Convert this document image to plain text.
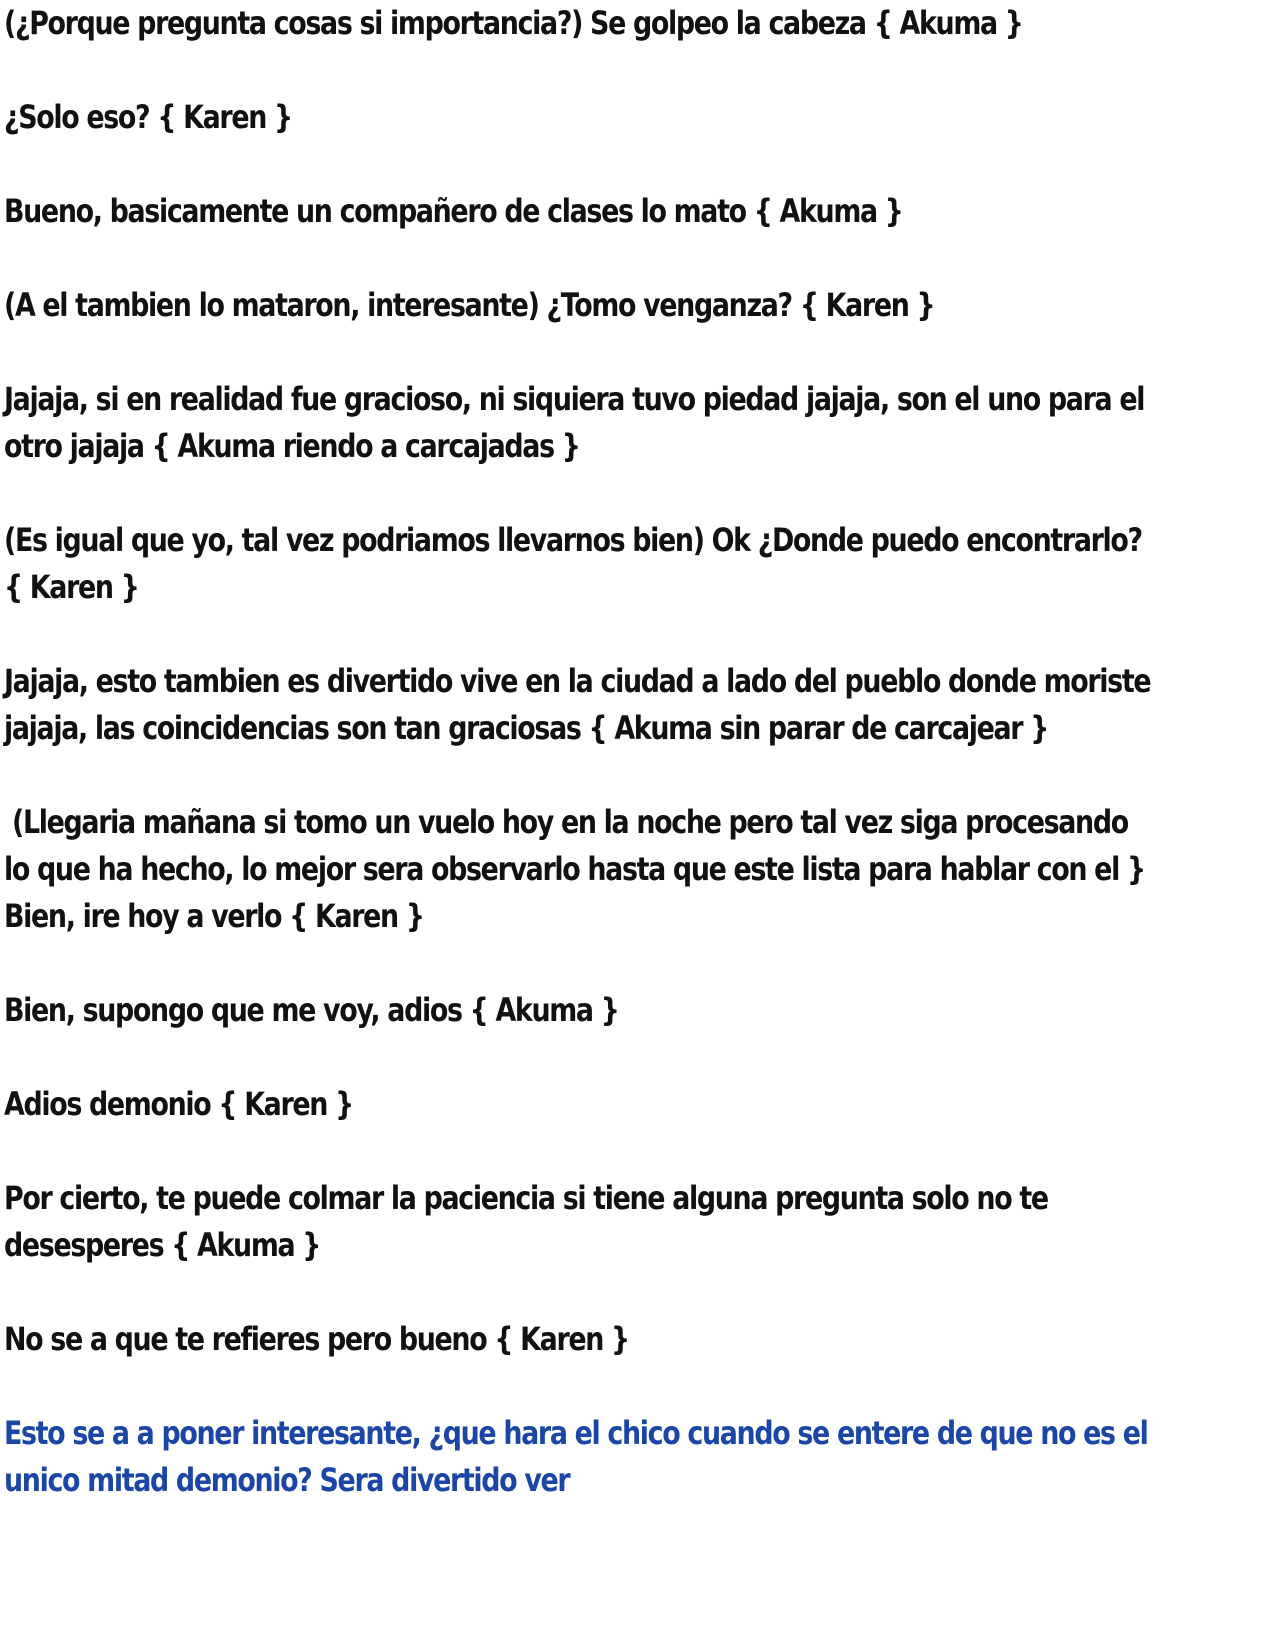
(¿Porque pregunta cosas si importancia?) Se golpeo la cabeza { Akuma }

¿Solo eso? { Karen }

Bueno, basicamente un compañero de clases lo mato { Akuma }

(A el tambien lo mataron, interesante) ¿Tomo venganza? { Karen }

Jajaja, si en realidad fue gracioso, ni siquiera tuvo piedad jajaja, son el uno para el

otro jajaja { Akuma riendo a carcajadas }

(Es igual que yo, tal vez podriamos llevarnos bien) Ok ¿Donde puedo encontrarlo?

{ Karen }

Jajaja, esto tambien es divertido vive en la ciudad a lado del pueblo donde moriste

jajaja, las coincidencias son tan graciosas { Akuma sin parar de carcajear }

(Llegaria mañana si tomo un vuelo hoy en la noche pero tal vez siga procesando

lo que ha hecho, lo mejor sera observarlo hasta que este lista para hablar con el }

Bien, ire hoy a verlo { Karen }

Bien, supongo que me voy, adios { Akuma }

Adios demonio { Karen }

Por cierto, te puede colmar la paciencia si tiene alguna pregunta solo no te

desesperes { Akuma }

No se a que te refieres pero bueno { Karen }

Esto se a a poner interesante, ¿que hara el chico cuando se entere de que no es el

unico mitad demonio? Sera divertido ver
